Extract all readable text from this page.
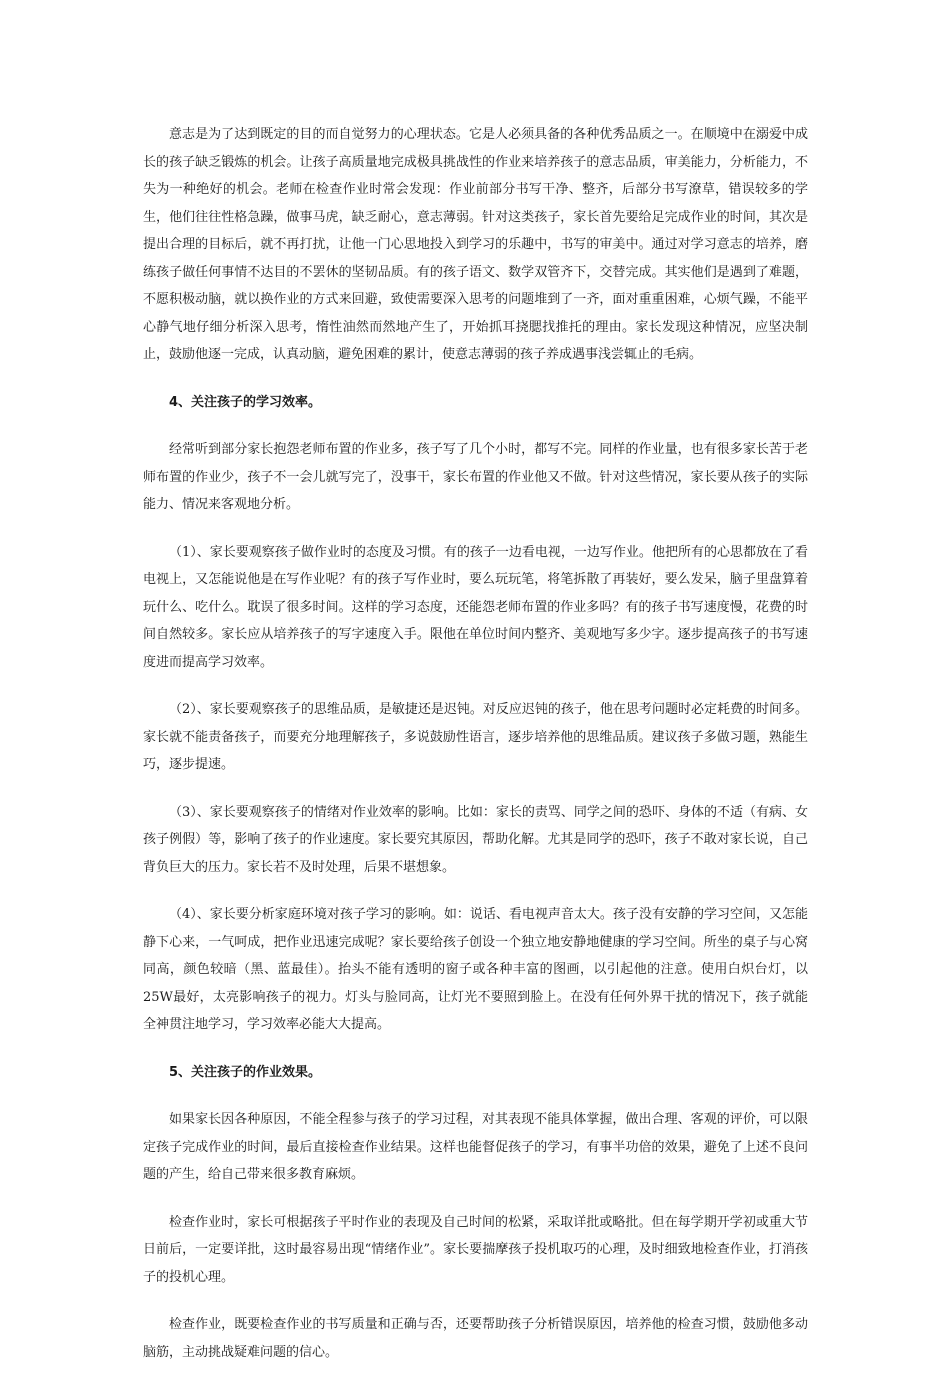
意志是为了达到既定的目的而自觉努力的心理状态。它是人必须具备的各种优秀品质之一。在顺境中在溺爱中成长的孩子缺乏锻炼的机会。让孩子高质量地完成极具挑战性的作业来培养孩子的意志品质，审美能力，分析能力，不失为一种绝好的机会。老师在检查作业时常会发现：作业前部分书写干净、整齐，后部分书写潦草，错误较多的学生，他们往往性格急躁，做事马虎，缺乏耐心，意志薄弱。针对这类孩子，家长首先要给足完成作业的时间，其次是提出合理的目标后，就不再打扰，让他一门心思地投入到学习的乐趣中，书写的审美中。通过对学习意志的培养，磨练孩子做任何事情不达目的不罢休的坚韧品质。有的孩子语文、数学双管齐下，交替完成。其实他们是遇到了难题，不愿积极动脑，就以换作业的方式来回避，致使需要深入思考的问题堆到了一齐，面对重重困难，心烦气躁，不能平心静气地仔细分析深入思考，惰性油然而然地产生了，开始抓耳挠腮找推托的理由。家长发现这种情况，应坚决制止，鼓励他逐一完成，认真动脑，避免困难的累计，使意志薄弱的孩子养成遇事浅尝辄止的毛病。

4、关注孩子的学习效率。

经常听到部分家长抱怨老师布置的作业多，孩子写了几个小时，都写不完。同样的作业量，也有很多家长苦于老师布置的作业少，孩子不一会儿就写完了，没事干，家长布置的作业他又不做。针对这些情况，家长要从孩子的实际能力、情况来客观地分析。

（1）、家长要观察孩子做作业时的态度及习惯。有的孩子一边看电视，一边写作业。他把所有的心思都放在了看电视上，又怎能说他是在写作业呢？有的孩子写作业时，要么玩玩笔，将笔拆散了再装好，要么发呆，脑子里盘算着玩什么、吃什么。耽误了很多时间。这样的学习态度，还能怨老师布置的作业多吗？有的孩子书写速度慢，花费的时间自然较多。家长应从培养孩子的写字速度入手。限他在单位时间内整齐、美观地写多少字。逐步提高孩子的书写速度进而提高学习效率。

（2）、家长要观察孩子的思维品质，是敏捷还是迟钝。对反应迟钝的孩子，他在思考问题时必定耗费的时间多。家长就不能责备孩子，而要充分地理解孩子，多说鼓励性语言，逐步培养他的思维品质。建议孩子多做习题，熟能生巧，逐步提速。

（3）、家长要观察孩子的情绪对作业效率的影响。比如：家长的责骂、同学之间的恐吓、身体的不适（有病、女孩子例假）等，影响了孩子的作业速度。家长要究其原因，帮助化解。尤其是同学的恐吓，孩子不敢对家长说，自己背负巨大的压力。家长若不及时处理，后果不堪想象。

（4）、家长要分析家庭环境对孩子学习的影响。如：说话、看电视声音太大。孩子没有安静的学习空间，又怎能静下心来，一气呵成，把作业迅速完成呢？家长要给孩子创设一个独立地安静地健康的学习空间。所坐的桌子与心窝同高，颜色较暗（黑、蓝最佳）。抬头不能有透明的窗子或各种丰富的图画，以引起他的注意。使用白炽台灯，以25W最好，太亮影响孩子的视力。灯头与脸同高，让灯光不要照到脸上。在没有任何外界干扰的情况下，孩子就能全神贯注地学习，学习效率必能大大提高。

5、关注孩子的作业效果。

如果家长因各种原因，不能全程参与孩子的学习过程，对其表现不能具体掌握，做出合理、客观的评价，可以限定孩子完成作业的时间，最后直接检查作业结果。这样也能督促孩子的学习，有事半功倍的效果，避免了上述不良问题的产生，给自己带来很多教育麻烦。

检查作业时，家长可根据孩子平时作业的表现及自己时间的松紧，采取详批或略批。但在每学期开学初或重大节日前后，一定要详批，这时最容易出现“情绪作业”。家长要揣摩孩子投机取巧的心理，及时细致地检查作业，打消孩子的投机心理。

检查作业，既要检查作业的书写质量和正确与否，还要帮助孩子分析错误原因，培养他的检查习惯，鼓励他多动脑筋，主动挑战疑难问题的信心。
